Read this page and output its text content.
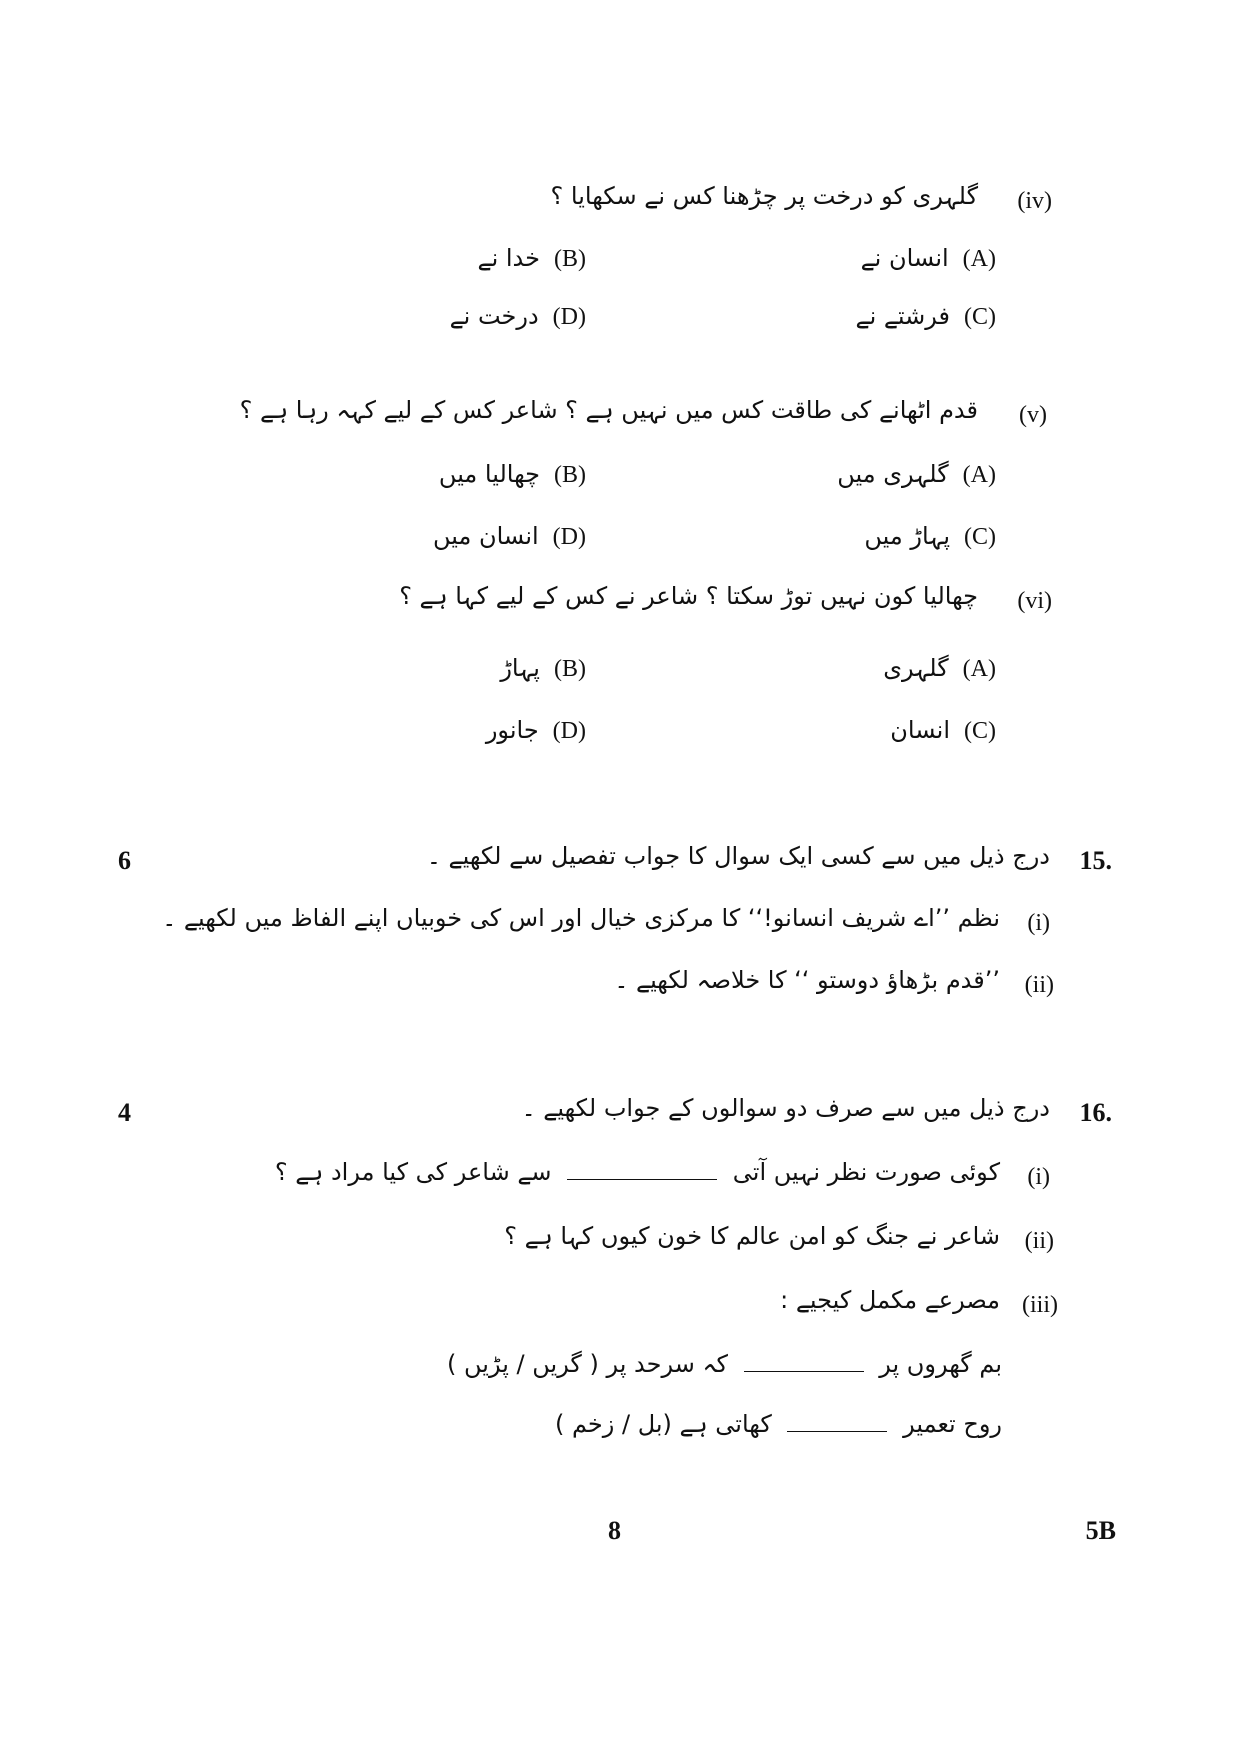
(iv)
گلہری کو درخت پر چڑھنا کس نے سکھایا ؟
(A)
انسان نے
(B)
خدا نے
(C)
فرشتے نے
(D)
درخت نے
(v)
قدم اٹھانے کی طاقت کس میں نہیں ہے ؟ شاعر کس کے لیے کہہ رہا ہے ؟
(A)
گلہری میں
(B)
چھالیا میں
(C)
پہاڑ میں
(D)
انسان میں
(vi)
چھالیا کون نہیں توڑ سکتا ؟ شاعر نے کس کے لیے کہا ہے ؟
(A)
گلہری
(B)
پہاڑ
(C)
انسان
(D)
جانور
6	15.
درج ذیل میں سے کسی ایک سوال کا جواب تفصیل سے لکھیے ۔
(i)
نظم ’’اے شریف انسانو!‘‘ کا مرکزی خیال اور اس کی خوبیاں اپنے الفاظ میں لکھیے ۔
(ii)
’’قدم بڑھاؤ دوستو ‘‘ کا خلاصہ لکھیے ۔
4	16.
درج ذیل میں سے صرف دو سوالوں کے جواب لکھیے ۔
(i)
کوئی صورت نظر نہیں آتی  سے شاعر کی کیا مراد ہے ؟
(ii)
شاعر نے جنگ کو امن عالم کا خون کیوں کہا ہے ؟
(iii)
مصرعے مکمل کیجیے :
بم گھروں پر  کہ سرحد پر ( گریں / پڑیں )
روح تعمیر  کھاتی ہے (بل / زخم )
8	5B
